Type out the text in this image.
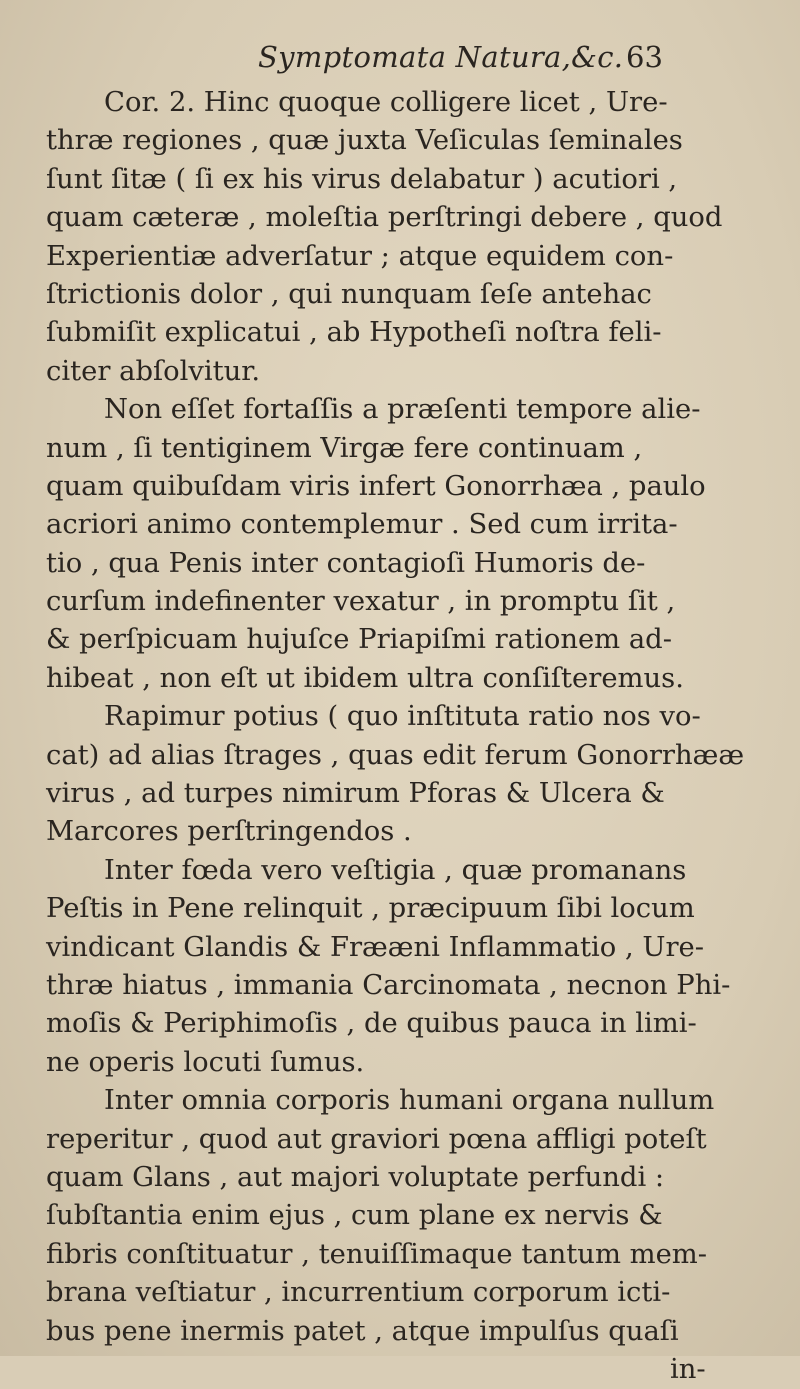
Symptomata Natura,&c. 63
Cor. 2. Hinc quoque colligere licet , Ure-
thræ regiones , quæ juxta Veſiculas ſeminales
ſunt ſitæ ( ſi ex his virus delabatur ) acutiori ,
quam cæteræ , moleſtia perſtringi debere , quod
Experientiæ adverſatur ; atque equidem con-
ſtrictionis dolor , qui nunquam ſeſe antehac
ſubmiſit explicatui , ab Hypotheſi noſtra feli-
citer abſolvitur.
Non eſſet fortaſſis a præſenti tempore alie-
num , ſi tentiginem Virgæ fere continuam ,
quam quibuſdam viris infert Gonorrhæa , paulo
acriori animo contemplemur . Sed cum irrita-
tio , qua Penis inter contagioſi Humoris de-
curſum indefinenter vexatur , in promptu ſit ,
& perſpicuam hujuſce Priapiſmi rationem ad-
hibeat , non eſt ut ibidem ultra conſiſteremus.
Rapimur potius ( quo inſtituta ratio nos vo-
cat) ad alias ſtrages , quas edit ferum Gonorrhææ
virus , ad turpes nimirum Pforas & Ulcera &
Marcores perſtringendos .
Inter fœda vero veſtigia , quæ promanans
Peſtis in Pene relinquit , præcipuum ſibi locum
vindicant Glandis & Frææni Inflammatio , Ure-
thræ hiatus , immania Carcinomata , necnon Phi-
moſis & Periphimoſis , de quibus pauca in limi-
ne operis locuti ſumus.
Inter omnia corporis humani organa nullum
reperitur , quod aut graviori pœna affligi poteſt
quam Glans , aut majori voluptate perfundi :
ſubſtantia enim ejus , cum plane ex nervis &
fibris conſtituatur , tenuiſſimaque tantum mem-
brana veſtiatur , incurrentium corporum icti-
bus pene inermis patet , atque impulſus quaſi
in-
